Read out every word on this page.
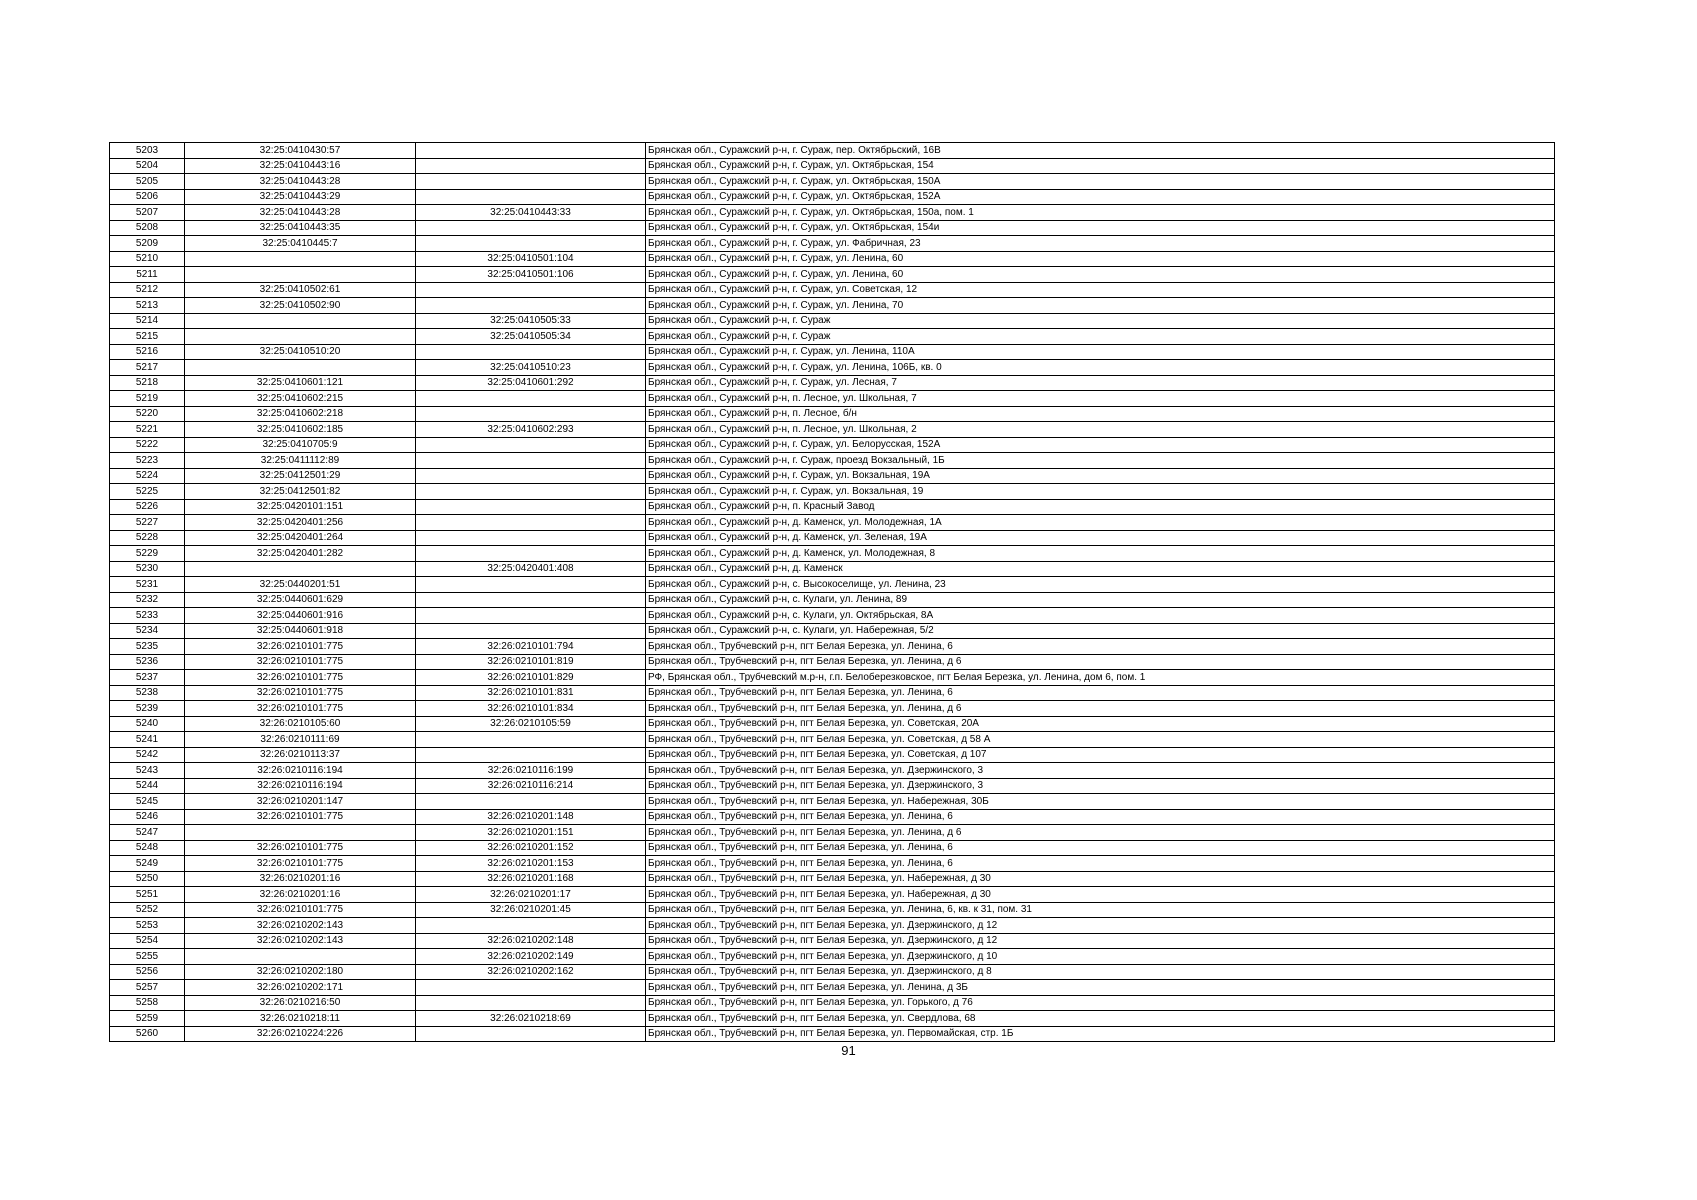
5203	32:25:0410430:57		Брянская обл., Суражский р-н, г. Сураж, пер. Октябрьский, 16В
5204	32:25:0410443:16		Брянская обл., Суражский р-н, г. Сураж, ул. Октябрьская, 154
5205	32:25:0410443:28		Брянская обл., Суражский р-н, г. Сураж, ул. Октябрьская, 150А
5206	32:25:0410443:29		Брянская обл., Суражский р-н, г. Сураж, ул. Октябрьская, 152А
5207	32:25:0410443:28	32:25:0410443:33	Брянская обл., Суражский р-н, г. Сураж, ул. Октябрьская, 150а, пом. 1
5208	32:25:0410443:35		Брянская обл., Суражский р-н, г. Сураж, ул. Октябрьская, 154и
5209	32:25:0410445:7		Брянская обл., Суражский р-н, г. Сураж, ул. Фабричная, 23
5210		32:25:0410501:104	Брянская обл., Суражский р-н, г. Сураж, ул. Ленина, 60
5211		32:25:0410501:106	Брянская обл., Суражский р-н, г. Сураж, ул. Ленина, 60
5212	32:25:0410502:61		Брянская обл., Суражский р-н, г. Сураж, ул. Советская, 12
5213	32:25:0410502:90		Брянская обл., Суражский р-н, г. Сураж, ул. Ленина, 70
5214		32:25:0410505:33	Брянская обл., Суражский р-н, г. Сураж
5215		32:25:0410505:34	Брянская обл., Суражский р-н, г. Сураж
5216	32:25:0410510:20		Брянская обл., Суражский р-н, г. Сураж, ул. Ленина, 110А
5217		32:25:0410510:23	Брянская обл., Суражский р-н, г. Сураж, ул. Ленина, 106Б, кв. 0
5218	32:25:0410601:121	32:25:0410601:292	Брянская обл., Суражский р-н, г. Сураж, ул. Лесная, 7
5219	32:25:0410602:215		Брянская обл., Суражский р-н, п. Лесное, ул. Школьная, 7
5220	32:25:0410602:218		Брянская обл., Суражский р-н, п. Лесное, б/н
5221	32:25:0410602:185	32:25:0410602:293	Брянская обл., Суражский р-н, п. Лесное, ул. Школьная, 2
5222	32:25:0410705:9		Брянская обл., Суражский р-н, г. Сураж, ул. Белорусская, 152А
5223	32:25:0411112:89		Брянская обл., Суражский р-н, г. Сураж, проезд Вокзальный, 1Б
5224	32:25:0412501:29		Брянская обл., Суражский р-н, г. Сураж, ул. Вокзальная, 19А
5225	32:25:0412501:82		Брянская обл., Суражский р-н, г. Сураж, ул. Вокзальная, 19
5226	32:25:0420101:151		Брянская обл., Суражский р-н, п. Красный Завод
5227	32:25:0420401:256		Брянская обл., Суражский р-н, д. Каменск, ул. Молодежная, 1А
5228	32:25:0420401:264		Брянская обл., Суражский р-н, д. Каменск, ул. Зеленая, 19А
5229	32:25:0420401:282		Брянская обл., Суражский р-н, д. Каменск, ул. Молодежная, 8
5230		32:25:0420401:408	Брянская обл., Суражский р-н, д. Каменск
5231	32:25:0440201:51		Брянская обл., Суражский р-н, с. Высокоселище, ул. Ленина, 23
5232	32:25:0440601:629		Брянская обл., Суражский р-н, с. Кулаги, ул. Ленина, 89
5233	32:25:0440601:916		Брянская обл., Суражский р-н, с. Кулаги, ул. Октябрьская, 8А
5234	32:25:0440601:918		Брянская обл., Суражский р-н, с. Кулаги, ул. Набережная, 5/2
5235	32:26:0210101:775	32:26:0210101:794	Брянская обл., Трубчевский р-н, пгт Белая Березка, ул. Ленина, 6
5236	32:26:0210101:775	32:26:0210101:819	Брянская обл., Трубчевский р-н, пгт Белая Березка, ул. Ленина, д 6
5237	32:26:0210101:775	32:26:0210101:829	РФ, Брянская обл., Трубчевский м.р-н, г.п. Белоберезковское, пгт Белая Березка, ул. Ленина, дом 6, пом. 1
5238	32:26:0210101:775	32:26:0210101:831	Брянская обл., Трубчевский р-н, пгт Белая Березка, ул. Ленина, 6
5239	32:26:0210101:775	32:26:0210101:834	Брянская обл., Трубчевский р-н, пгт Белая Березка, ул. Ленина, д 6
5240	32:26:0210105:60	32:26:0210105:59	Брянская обл., Трубчевский р-н, пгт Белая Березка, ул. Советская, 20А
5241	32:26:0210111:69		Брянская обл., Трубчевский р-н, пгт Белая Березка, ул. Советская, д 58 А
5242	32:26:0210113:37		Брянская обл., Трубчевский р-н, пгт Белая Березка, ул. Советская, д 107
5243	32:26:0210116:194	32:26:0210116:199	Брянская обл., Трубчевский р-н, пгт Белая Березка, ул. Дзержинского, 3
5244	32:26:0210116:194	32:26:0210116:214	Брянская обл., Трубчевский р-н, пгт Белая Березка, ул. Дзержинского, 3
5245	32:26:0210201:147		Брянская обл., Трубчевский р-н, пгт Белая Березка, ул. Набережная, 30Б
5246	32:26:0210101:775	32:26:0210201:148	Брянская обл., Трубчевский р-н, пгт Белая Березка, ул. Ленина, 6
5247		32:26:0210201:151	Брянская обл., Трубчевский р-н, пгт Белая Березка, ул. Ленина, д 6
5248	32:26:0210101:775	32:26:0210201:152	Брянская обл., Трубчевский р-н, пгт Белая Березка, ул. Ленина, 6
5249	32:26:0210101:775	32:26:0210201:153	Брянская обл., Трубчевский р-н, пгт Белая Березка, ул. Ленина, 6
5250	32:26:0210201:16	32:26:0210201:168	Брянская обл., Трубчевский р-н, пгт Белая Березка, ул. Набережная, д 30
5251	32:26:0210201:16	32:26:0210201:17	Брянская обл., Трубчевский р-н, пгт Белая Березка, ул. Набережная, д 30
5252	32:26:0210101:775	32:26:0210201:45	Брянская обл., Трубчевский р-н, пгт Белая Березка, ул. Ленина, 6, кв. к 31, пом. 31
5253	32:26:0210202:143		Брянская обл., Трубчевский р-н, пгт Белая Березка, ул. Дзержинского, д 12
5254	32:26:0210202:143	32:26:0210202:148	Брянская обл., Трубчевский р-н, пгт Белая Березка, ул. Дзержинского, д 12
5255		32:26:0210202:149	Брянская обл., Трубчевский р-н, пгт Белая Березка, ул. Дзержинского, д 10
5256	32:26:0210202:180	32:26:0210202:162	Брянская обл., Трубчевский р-н, пгт Белая Березка, ул. Дзержинского, д 8
5257	32:26:0210202:171		Брянская обл., Трубчевский р-н, пгт Белая Березка, ул. Ленина, д 3Б
5258	32:26:0210216:50		Брянская обл., Трубчевский р-н, пгт Белая Березка, ул. Горького, д 76
5259	32:26:0210218:11	32:26:0210218:69	Брянская обл., Трубчевский р-н, пгт Белая Березка, ул. Свердлова, 68
5260	32:26:0210224:226		Брянская обл., Трубчевский р-н, пгт Белая Березка, ул. Первомайская, стр. 1Б
91
